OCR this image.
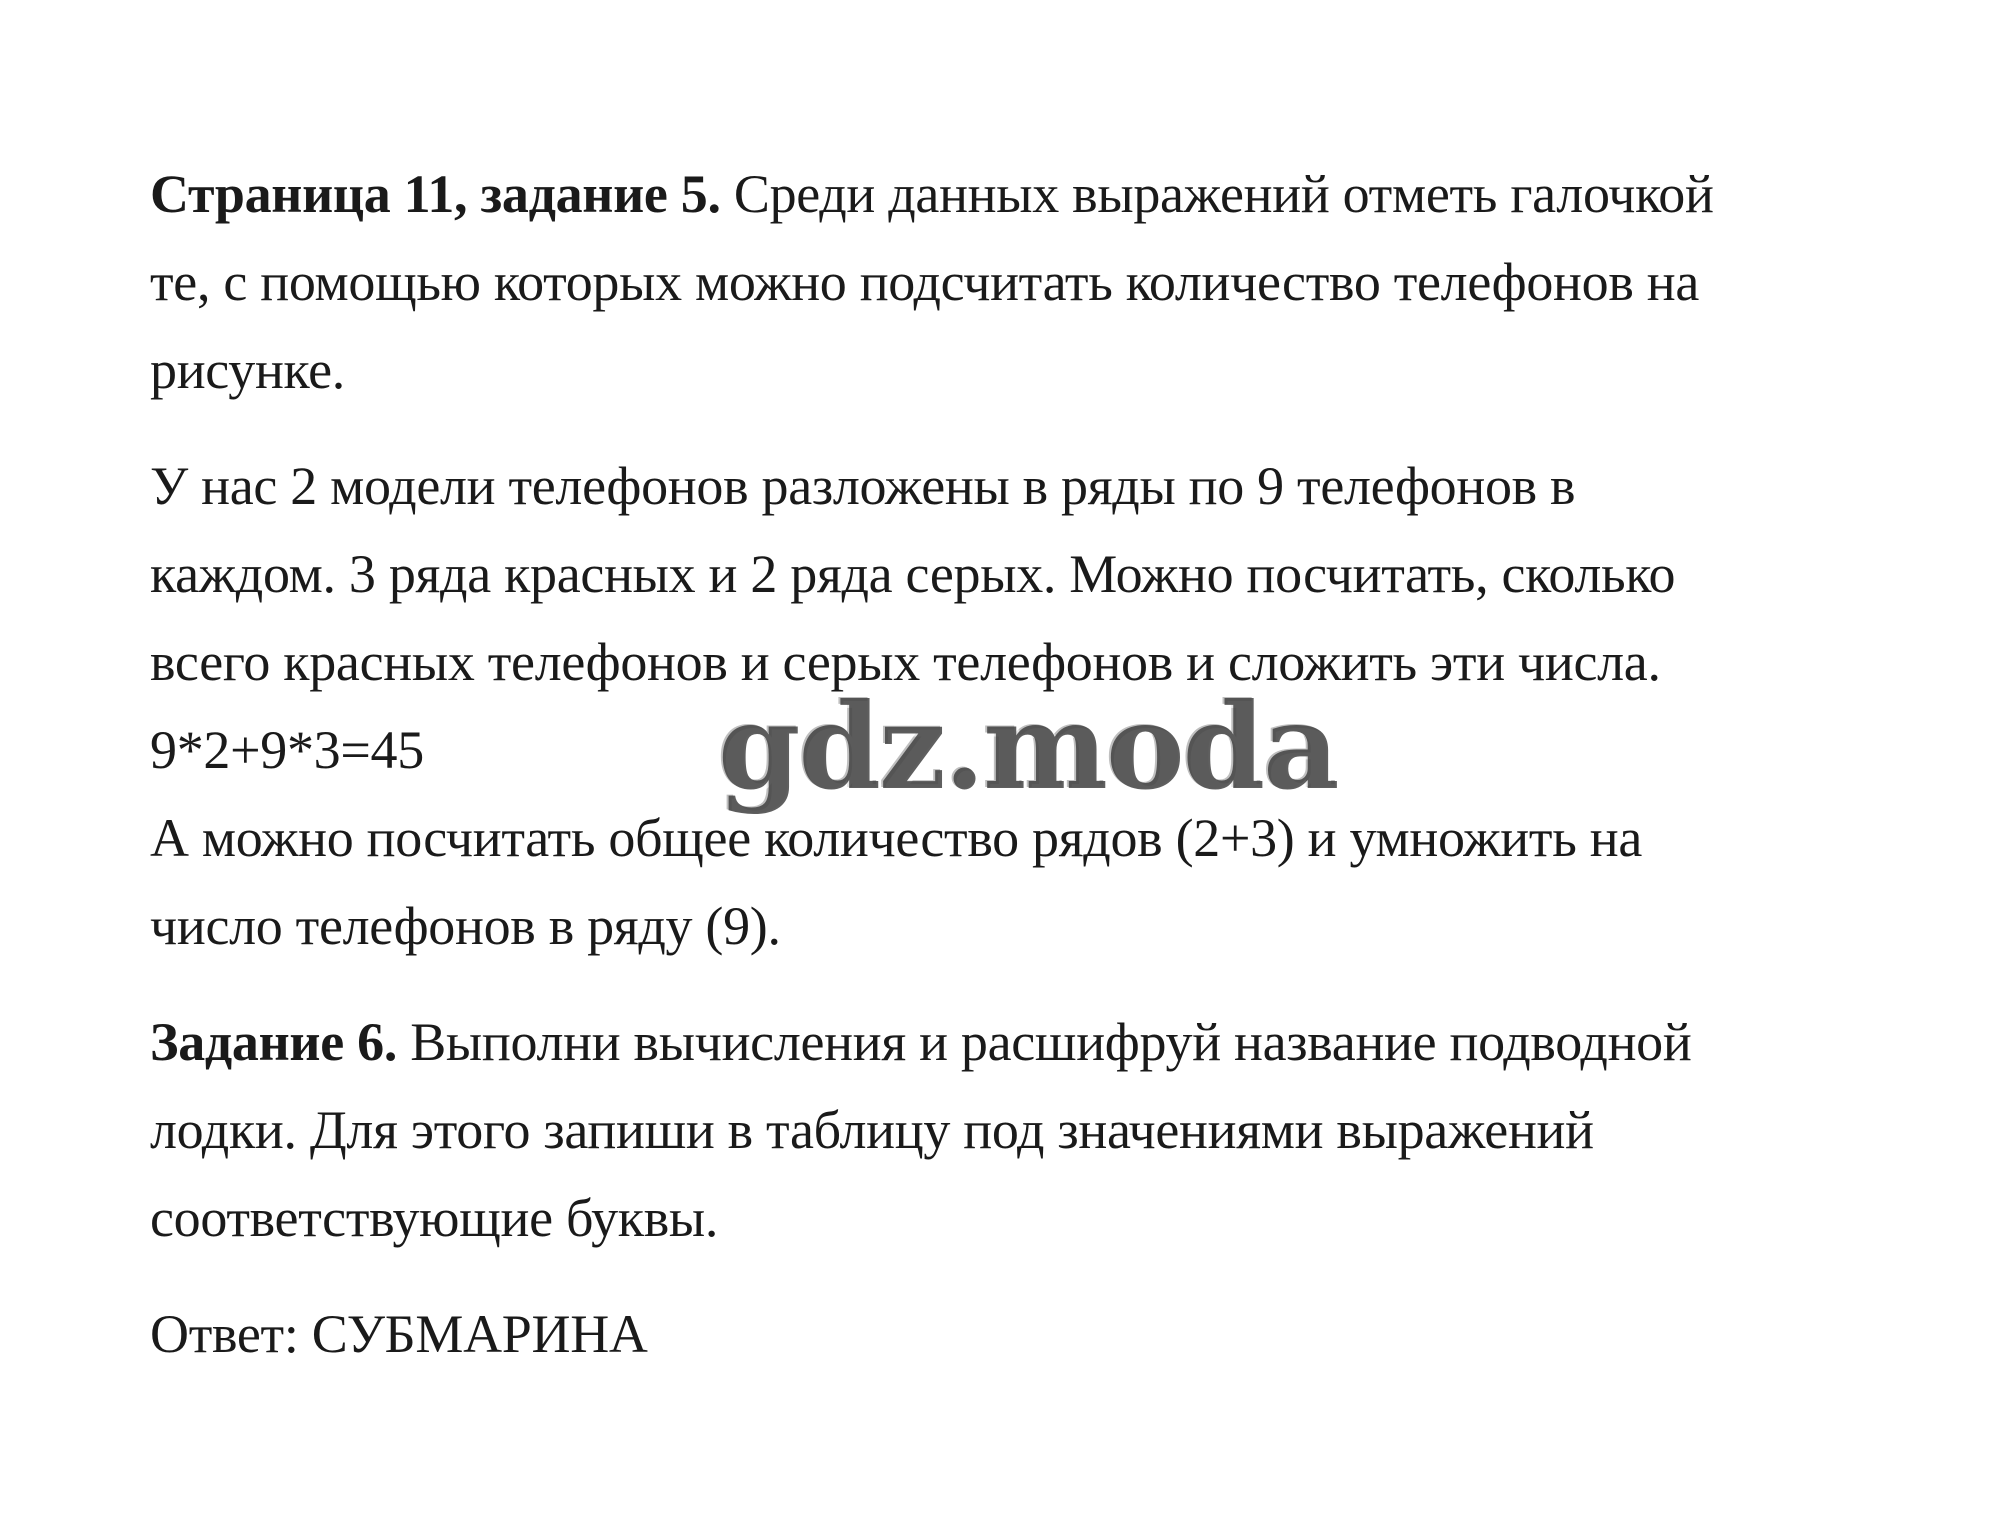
Страница 11, задание 5. Среди данных выражений отметь галочкой
те, с помощью которых можно подсчитать количество телефонов на
рисунке.

У нас 2 модели телефонов разложены в ряды по 9 телефонов в
каждом. 3 ряда красных и 2 ряда серых. Можно посчитать, сколько
всего красных телефонов и серых телефонов и сложить эти числа.
9*2+9*3=45
А можно посчитать общее количество рядов (2+3) и умножить на
число телефонов в ряду (9).

Задание 6. Выполни вычисления и расшифруй название подводной
лодки. Для этого запиши в таблицу под значениями выражений
соответствующие буквы.

Ответ: СУБМАРИНА

gdz.moda
